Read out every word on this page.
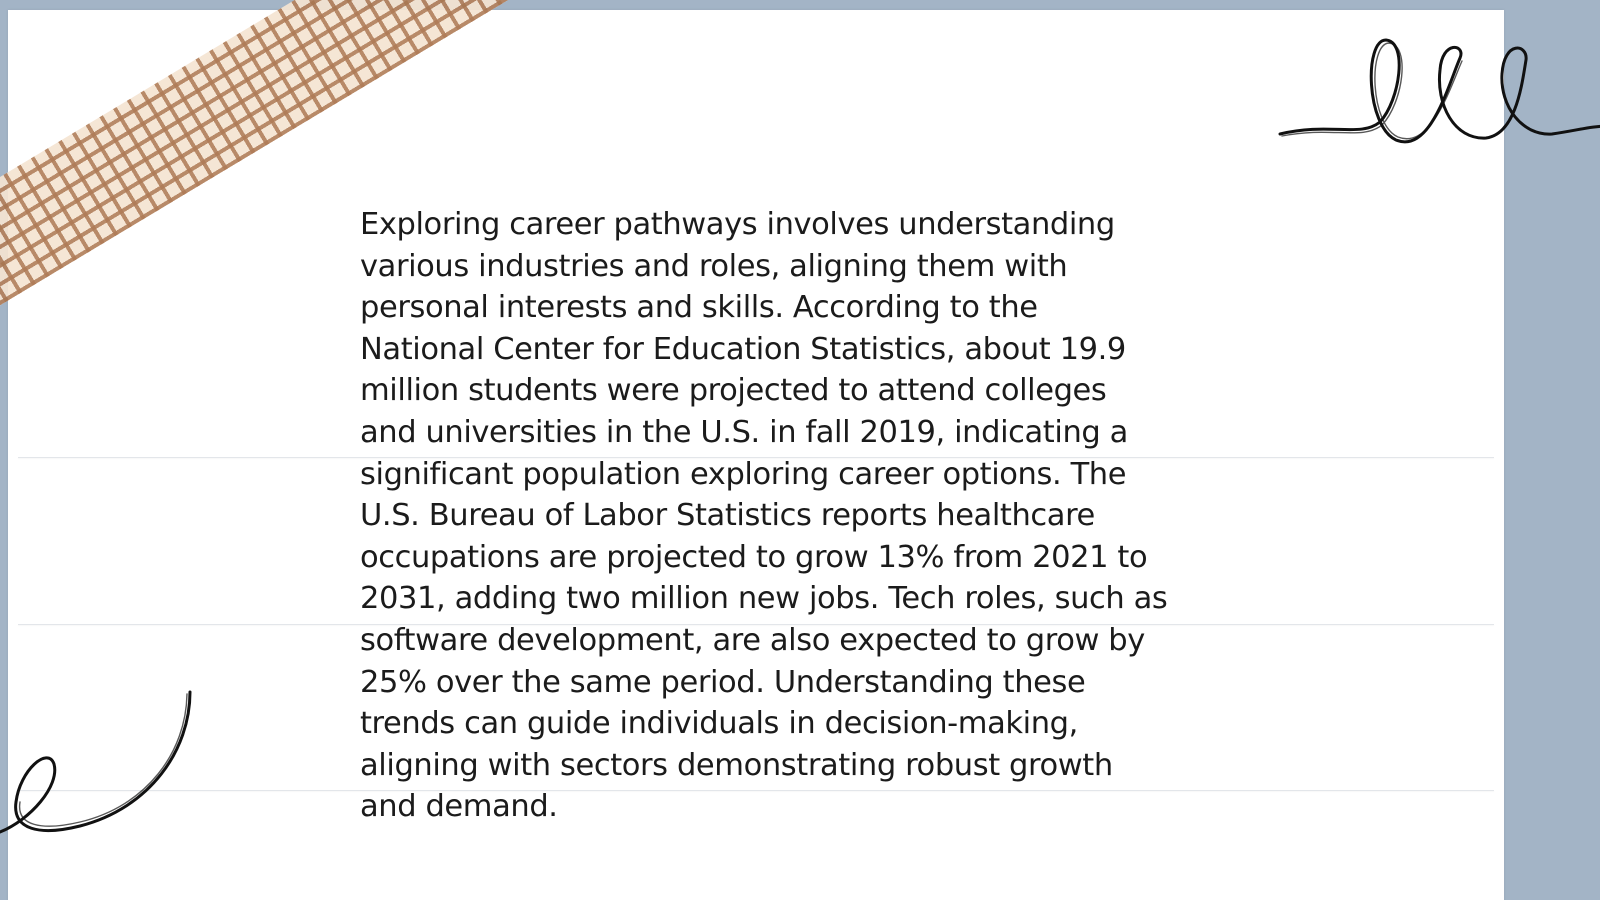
Exploring career pathways involves understanding
various industries and roles, aligning them with
personal interests and skills. According to the
National Center for Education Statistics, about 19.9
million students were projected to attend colleges
and universities in the U.S. in fall 2019, indicating a
significant population exploring career options. The
U.S. Bureau of Labor Statistics reports healthcare
occupations are projected to grow 13% from 2021 to
2031, adding two million new jobs. Tech roles, such as
software development, are also expected to grow by
25% over the same period. Understanding these
trends can guide individuals in decision-making,
aligning with sectors demonstrating robust growth
and demand.
